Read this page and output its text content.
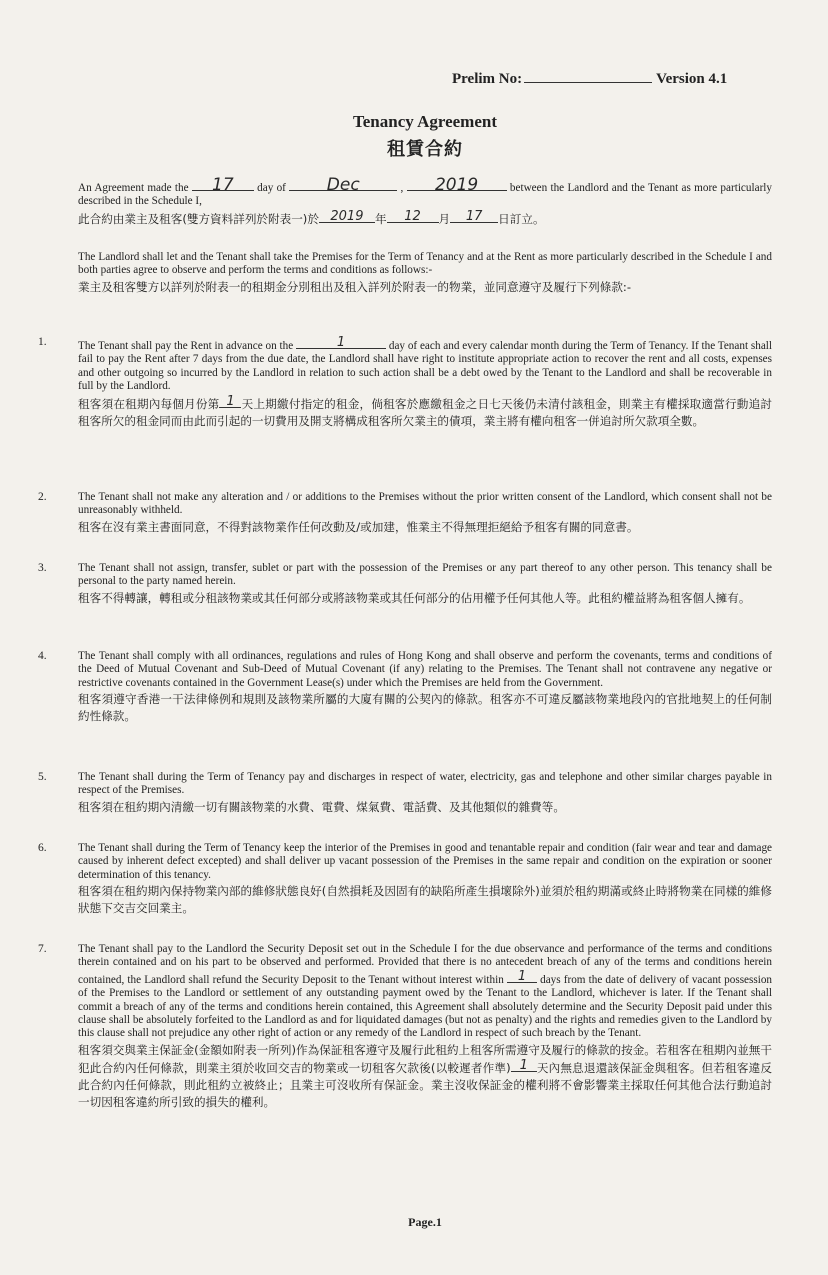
Prelim No:	Version 4.1
Tenancy Agreement
租賃合約
An Agreement made the	17	day of	Dec	,	2019	between the Landlord and the Tenant as more particularly described in the Schedule I,
此合約由業主及租客(雙方資料詳列於附表一)於 2019 年	12	月	17	日訂立。
The Landlord shall let and the Tenant shall take the Premises for the Term of Tenancy and at the Rent as more particularly described in the Schedule I and both parties agree to observe and perform the terms and conditions as follows:-
業主及租客雙方以詳列於附表一的租期金分別租出及租入詳列於附表一的物業，並同意遵守及履行下列條款:-
1.	The Tenant shall pay the Rent in advance on the	1	day of each and every calendar month during the Term of Tenancy. If the Tenant shall fail to pay the Rent after 7 days from the due date, the Landlord shall have right to institute appropriate action to recover the rent and all costs, expenses and other outgoing so incurred by the Landlord in relation to such action shall be a debt owed by the Tenant to the Landlord and shall be recoverable in full by the Landlord.
租客須在租期內每個月份第 1 天上期繳付指定的租金，倘租客於應繳租金之日七天後仍未清付該租金，則業主有權採取適當行動追討租客所欠的租金同而由此而引起的一切費用及開支將構成租客所欠業主的債項，業主將有權向租客一併追討所欠款項全數。
2.	The Tenant shall not make any alteration and / or additions to the Premises without the prior written consent of the Landlord, which consent shall not be unreasonably withheld.
租客在沒有業主書面同意，不得對該物業作任何改動及/或加建，惟業主不得無理拒絕給予租客有關的同意書。
3.	The Tenant shall not assign, transfer, sublet or part with the possession of the Premises or any part thereof to any other person. This tenancy shall be personal to the party named herein.
租客不得轉讓，轉租或分租該物業或其任何部分或將該物業或其任何部分的佔用權予任何其他人等。此租約權益將為租客個人擁有。
4.	The Tenant shall comply with all ordinances, regulations and rules of Hong Kong and shall observe and perform the covenants, terms and conditions of the Deed of Mutual Covenant and Sub-Deed of Mutual Covenant (if any) relating to the Premises. The Tenant shall not contravene any negative or restrictive covenants contained in the Government Lease(s) under which the Premises are held from the Government.
租客須遵守香港一干法律條例和規則及該物業所屬的大廈有關的公契內的條款。租客亦不可違反屬該物業地段內的官批地契上的任何制約性條款。
5.	The Tenant shall during the Term of Tenancy pay and discharges in respect of water, electricity, gas and telephone and other similar charges payable in respect of the Premises.
租客須在租約期內清繳一切有關該物業的水費、電費、煤氣費、電話費、及其他類似的雜費等。
6.	The Tenant shall during the Term of Tenancy keep the interior of the Premises in good and tenantable repair and condition (fair wear and tear and damage caused by inherent defect excepted) and shall deliver up vacant possession of the Premises in the same repair and condition on the expiration or sooner determination of this tenancy.
租客須在租約期內保持物業內部的維修狀態良好(自然損耗及因固有的缺陷所產生損壞除外)並須於租約期滿或終止時將物業在同樣的維修狀態下交吉交回業主。
7.	The Tenant shall pay to the Landlord the Security Deposit set out in the Schedule I for the due observance and performance of the terms and conditions therein contained and on his part to be observed and performed. Provided that there is no antecedent breach of any of the terms and conditions herein contained, the Landlord shall refund the Security Deposit to the Tenant without interest within	1	days from the date of delivery of vacant possession of the Premises to the Landlord or settlement of any outstanding payment owed by the Tenant to the Landlord, whichever is later. If the Tenant shall commit a breach of any of the terms and conditions herein contained, this Agreement shall absolutely determine and the Security Deposit paid under this clause shall be absolutely forfeited to the Landlord as and for liquidated damages (but not as penalty) and the rights and remedies given to the Landlord by this clause shall not prejudice any other right of action or any remedy of the Landlord in respect of such breach by the Tenant.
租客須交與業主保証金(金額如附表一所列)作為保証租客遵守及履行此租約上租客所需遵守及履行的條款的按金。若租客在租期內並無干犯此合約內任何條款，則業主須於收回交吉的物業或一切租客欠款後(以較遲者作準) 1 天內無息退還該保証金與租客。但若租客違反此合約內任何條款，則此租約立被終止；且業主可沒收所有保証金。業主沒收保証金的權利將不會影響業主採取任何其他合法行動追討一切因租客違約所引致的損失的權利。
Page.1
